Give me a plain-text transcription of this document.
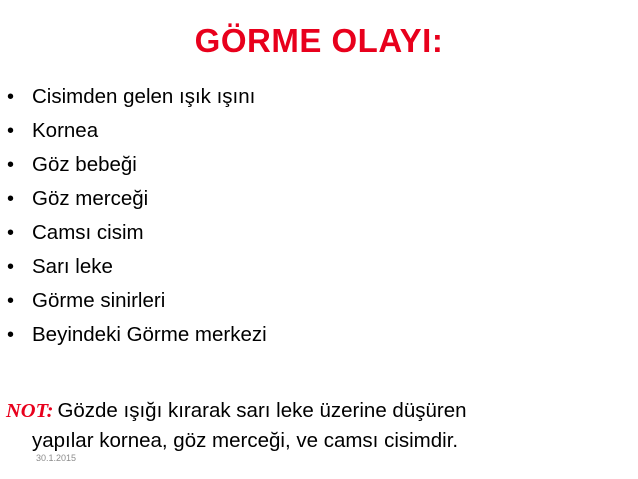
GÖRME OLAYI:
• Cisimden gelen ışık ışını
• Kornea
• Göz bebeği
• Göz merceği
• Camsı cisim
• Sarı leke
• Görme sinirleri
• Beyindeki Görme merkezi
NOT: Gözde ışığı kırarak sarı leke üzerine düşüren
yapılar kornea, göz merceği, ve camsı cisimdir.
30.1.2015
